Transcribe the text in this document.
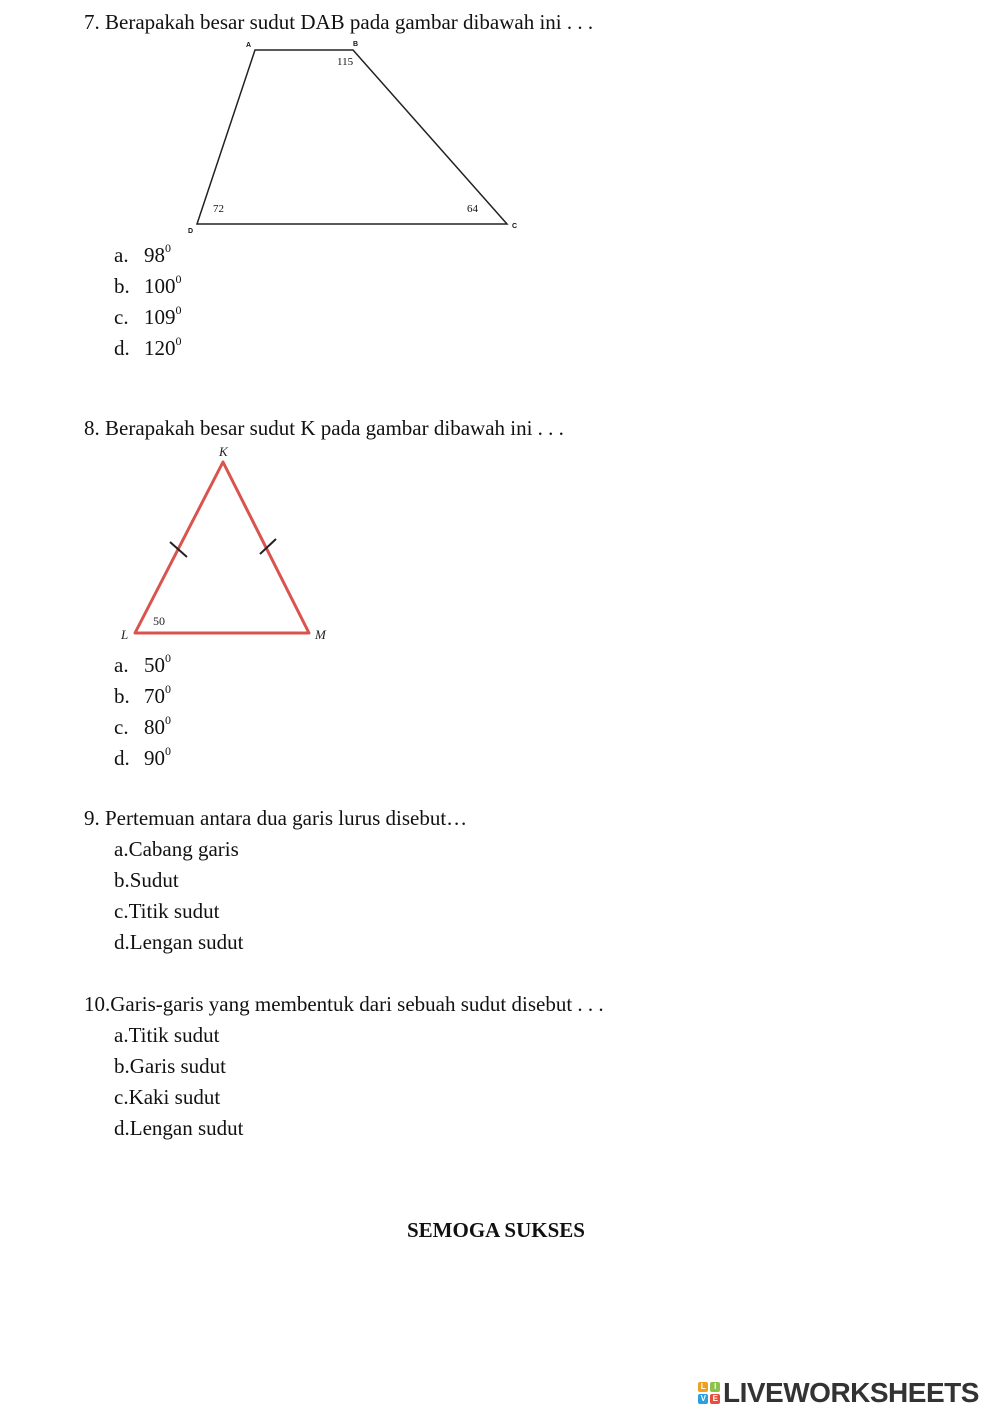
7. Berapakah besar sudut DAB pada gambar dibawah ini . . .
A	B
C
D
115
72	64
a. $98^0$
b. $100^0$
c. $109^0$
d. $120^0$
8. Berapakah besar sudut K pada gambar dibawah ini . . .
K
L	M
50
a. $50^0$
b. $70^0$
c. $80^0$
d. $90^0$
9. Pertemuan antara dua garis lurus disebut…
a.Cabang garis
b.Sudut
c.Titik sudut
d.Lengan sudut
10.Garis-garis yang membentuk dari sebuah sudut disebut . . .
a.Titik sudut
b.Garis sudut
c.Kaki sudut
d.Lengan sudut
SEMOGA SUKSES
L	I
V E LIVEWORKSHEETS
